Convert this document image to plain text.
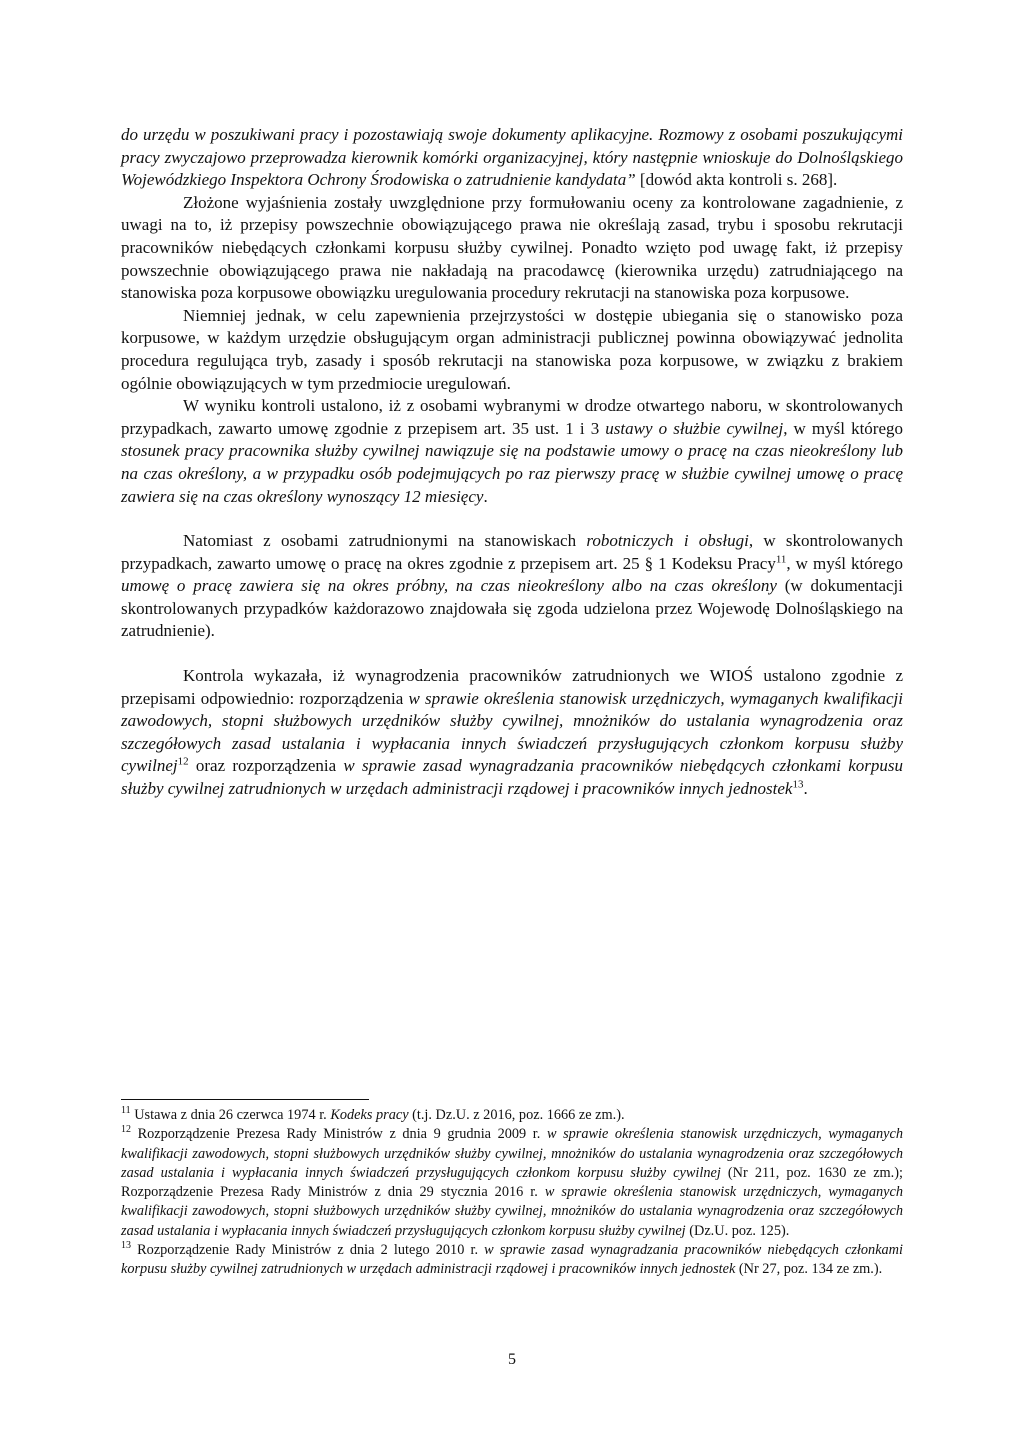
do urzędu w poszukiwani pracy i pozostawiają swoje dokumenty aplikacyjne. Rozmowy z osobami poszukującymi pracy zwyczajowo przeprowadza kierownik komórki organizacyjnej, który następnie wnioskuje do Dolnośląskiego Wojewódzkiego Inspektora Ochrony Środowiska o zatrudnienie kandydata” [dowód akta kontroli s. 268].

Złożone wyjaśnienia zostały uwzględnione przy formułowaniu oceny za kontrolowane zagadnienie, z uwagi na to, iż przepisy powszechnie obowiązującego prawa nie określają zasad, trybu i sposobu rekrutacji pracowników niebędących członkami korpusu służby cywilnej. Ponadto wzięto pod uwagę fakt, iż przepisy powszechnie obowiązującego prawa nie nakładają na pracodawcę (kierownika urzędu) zatrudniającego na stanowiska poza korpusowe obowiązku uregulowania procedury rekrutacji na stanowiska poza korpusowe.

Niemniej jednak, w celu zapewnienia przejrzystości w dostępie ubiegania się o stanowisko poza korpusowe, w każdym urzędzie obsługującym organ administracji publicznej powinna obowiązywać jednolita procedura regulująca tryb, zasady i sposób rekrutacji na stanowiska poza korpusowe, w związku z brakiem ogólnie obowiązujących w tym przedmiocie uregulowań.

W wyniku kontroli ustalono, iż z osobami wybranymi w drodze otwartego naboru, w skontrolowanych przypadkach, zawarto umowę zgodnie z przepisem art. 35 ust. 1 i 3 ustawy o służbie cywilnej, w myśl którego stosunek pracy pracownika służby cywilnej nawiązuje się na podstawie umowy o pracę na czas nieokreślony lub na czas określony, a w przypadku osób podejmujących po raz pierwszy pracę w służbie cywilnej umowę o pracę zawiera się na czas określony wynoszący 12 miesięcy.

Natomiast z osobami zatrudnionymi na stanowiskach robotniczych i obsługi, w skontrolowanych przypadkach, zawarto umowę o pracę na okres zgodnie z przepisem art. 25 § 1 Kodeksu Pracy$^{11}$, w myśl którego umowę o pracę zawiera się na okres próbny, na czas nieokreślony albo na czas określony (w dokumentacji skontrolowanych przypadków każdorazowo znajdowała się zgoda udzielona przez Wojewodę Dolnośląskiego na zatrudnienie).

Kontrola wykazała, iż wynagrodzenia pracowników zatrudnionych we WIOŚ ustalono zgodnie z przepisami odpowiednio: rozporządzenia w sprawie określenia stanowisk urzędniczych, wymaganych kwalifikacji zawodowych, stopni służbowych urzędników służby cywilnej, mnożników do ustalania wynagrodzenia oraz szczegółowych zasad ustalania i wypłacania innych świadczeń przysługujących członkom korpusu służby cywilnej$^{12}$ oraz rozporządzenia w sprawie zasad wynagradzania pracowników niebędących członkami korpusu służby cywilnej zatrudnionych w urzędach administracji rządowej i pracowników innych jednostek$^{13}$.

$^{11}$ Ustawa z dnia 26 czerwca 1974 r. Kodeks pracy (t.j. Dz.U. z 2016, poz. 1666 ze zm.).

$^{12}$ Rozporządzenie Prezesa Rady Ministrów z dnia 9 grudnia 2009 r. w sprawie określenia stanowisk urzędniczych, wymaganych kwalifikacji zawodowych, stopni służbowych urzędników służby cywilnej, mnożników do ustalania wynagrodzenia oraz szczegółowych zasad ustalania i wypłacania innych świadczeń przysługujących członkom korpusu służby cywilnej (Nr 211, poz. 1630 ze zm.); Rozporządzenie Prezesa Rady Ministrów z dnia 29 stycznia 2016 r. w sprawie określenia stanowisk urzędniczych, wymaganych kwalifikacji zawodowych, stopni służbowych urzędników służby cywilnej, mnożników do ustalania wynagrodzenia oraz szczegółowych zasad ustalania i wypłacania innych świadczeń przysługujących członkom korpusu służby cywilnej (Dz.U. poz. 125).

$^{13}$ Rozporządzenie Rady Ministrów z dnia 2 lutego 2010 r. w sprawie zasad wynagradzania pracowników niebędących członkami korpusu służby cywilnej zatrudnionych w urzędach administracji rządowej i pracowników innych jednostek (Nr 27, poz. 134 ze zm.).

5
